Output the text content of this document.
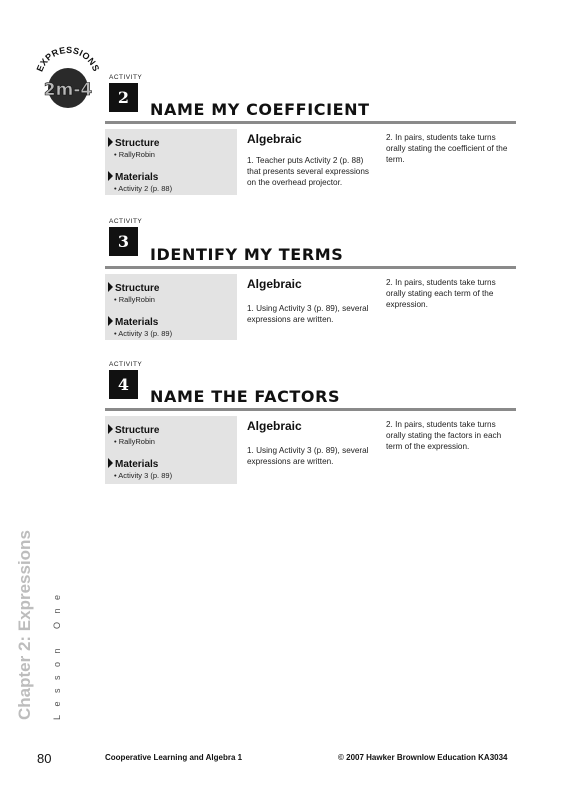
EXPRESSIONS
2m-4
ACTIVITY
2
NAME MY COEFFICIENT
Structure
• RallyRobin
Materials
• Activity 2 (p. 88)
Algebraic
1. Teacher puts Activity 2 (p. 88) that presents several expressions on the overhead projector.
2. In pairs, students take turns orally stating the coefficient of the term.
ACTIVITY
3
IDENTIFY MY TERMS
Structure
• RallyRobin
Materials
• Activity 3 (p. 89)
Algebraic
1. Using Activity 3 (p. 89), several expressions are written.
2. In pairs, students take turns orally stating each term of the expression.
ACTIVITY
4
NAME THE FACTORS
Structure
• RallyRobin
Materials
• Activity 3 (p. 89)
Algebraic
1. Using Activity 3 (p. 89), several expressions are written.
2. In pairs, students take turns orally stating the factors in each term of the expression.
Chapter 2: Expressions Lesson One
80	Cooperative Learning and Algebra 1	© 2007 Hawker Brownlow Education KA3034
